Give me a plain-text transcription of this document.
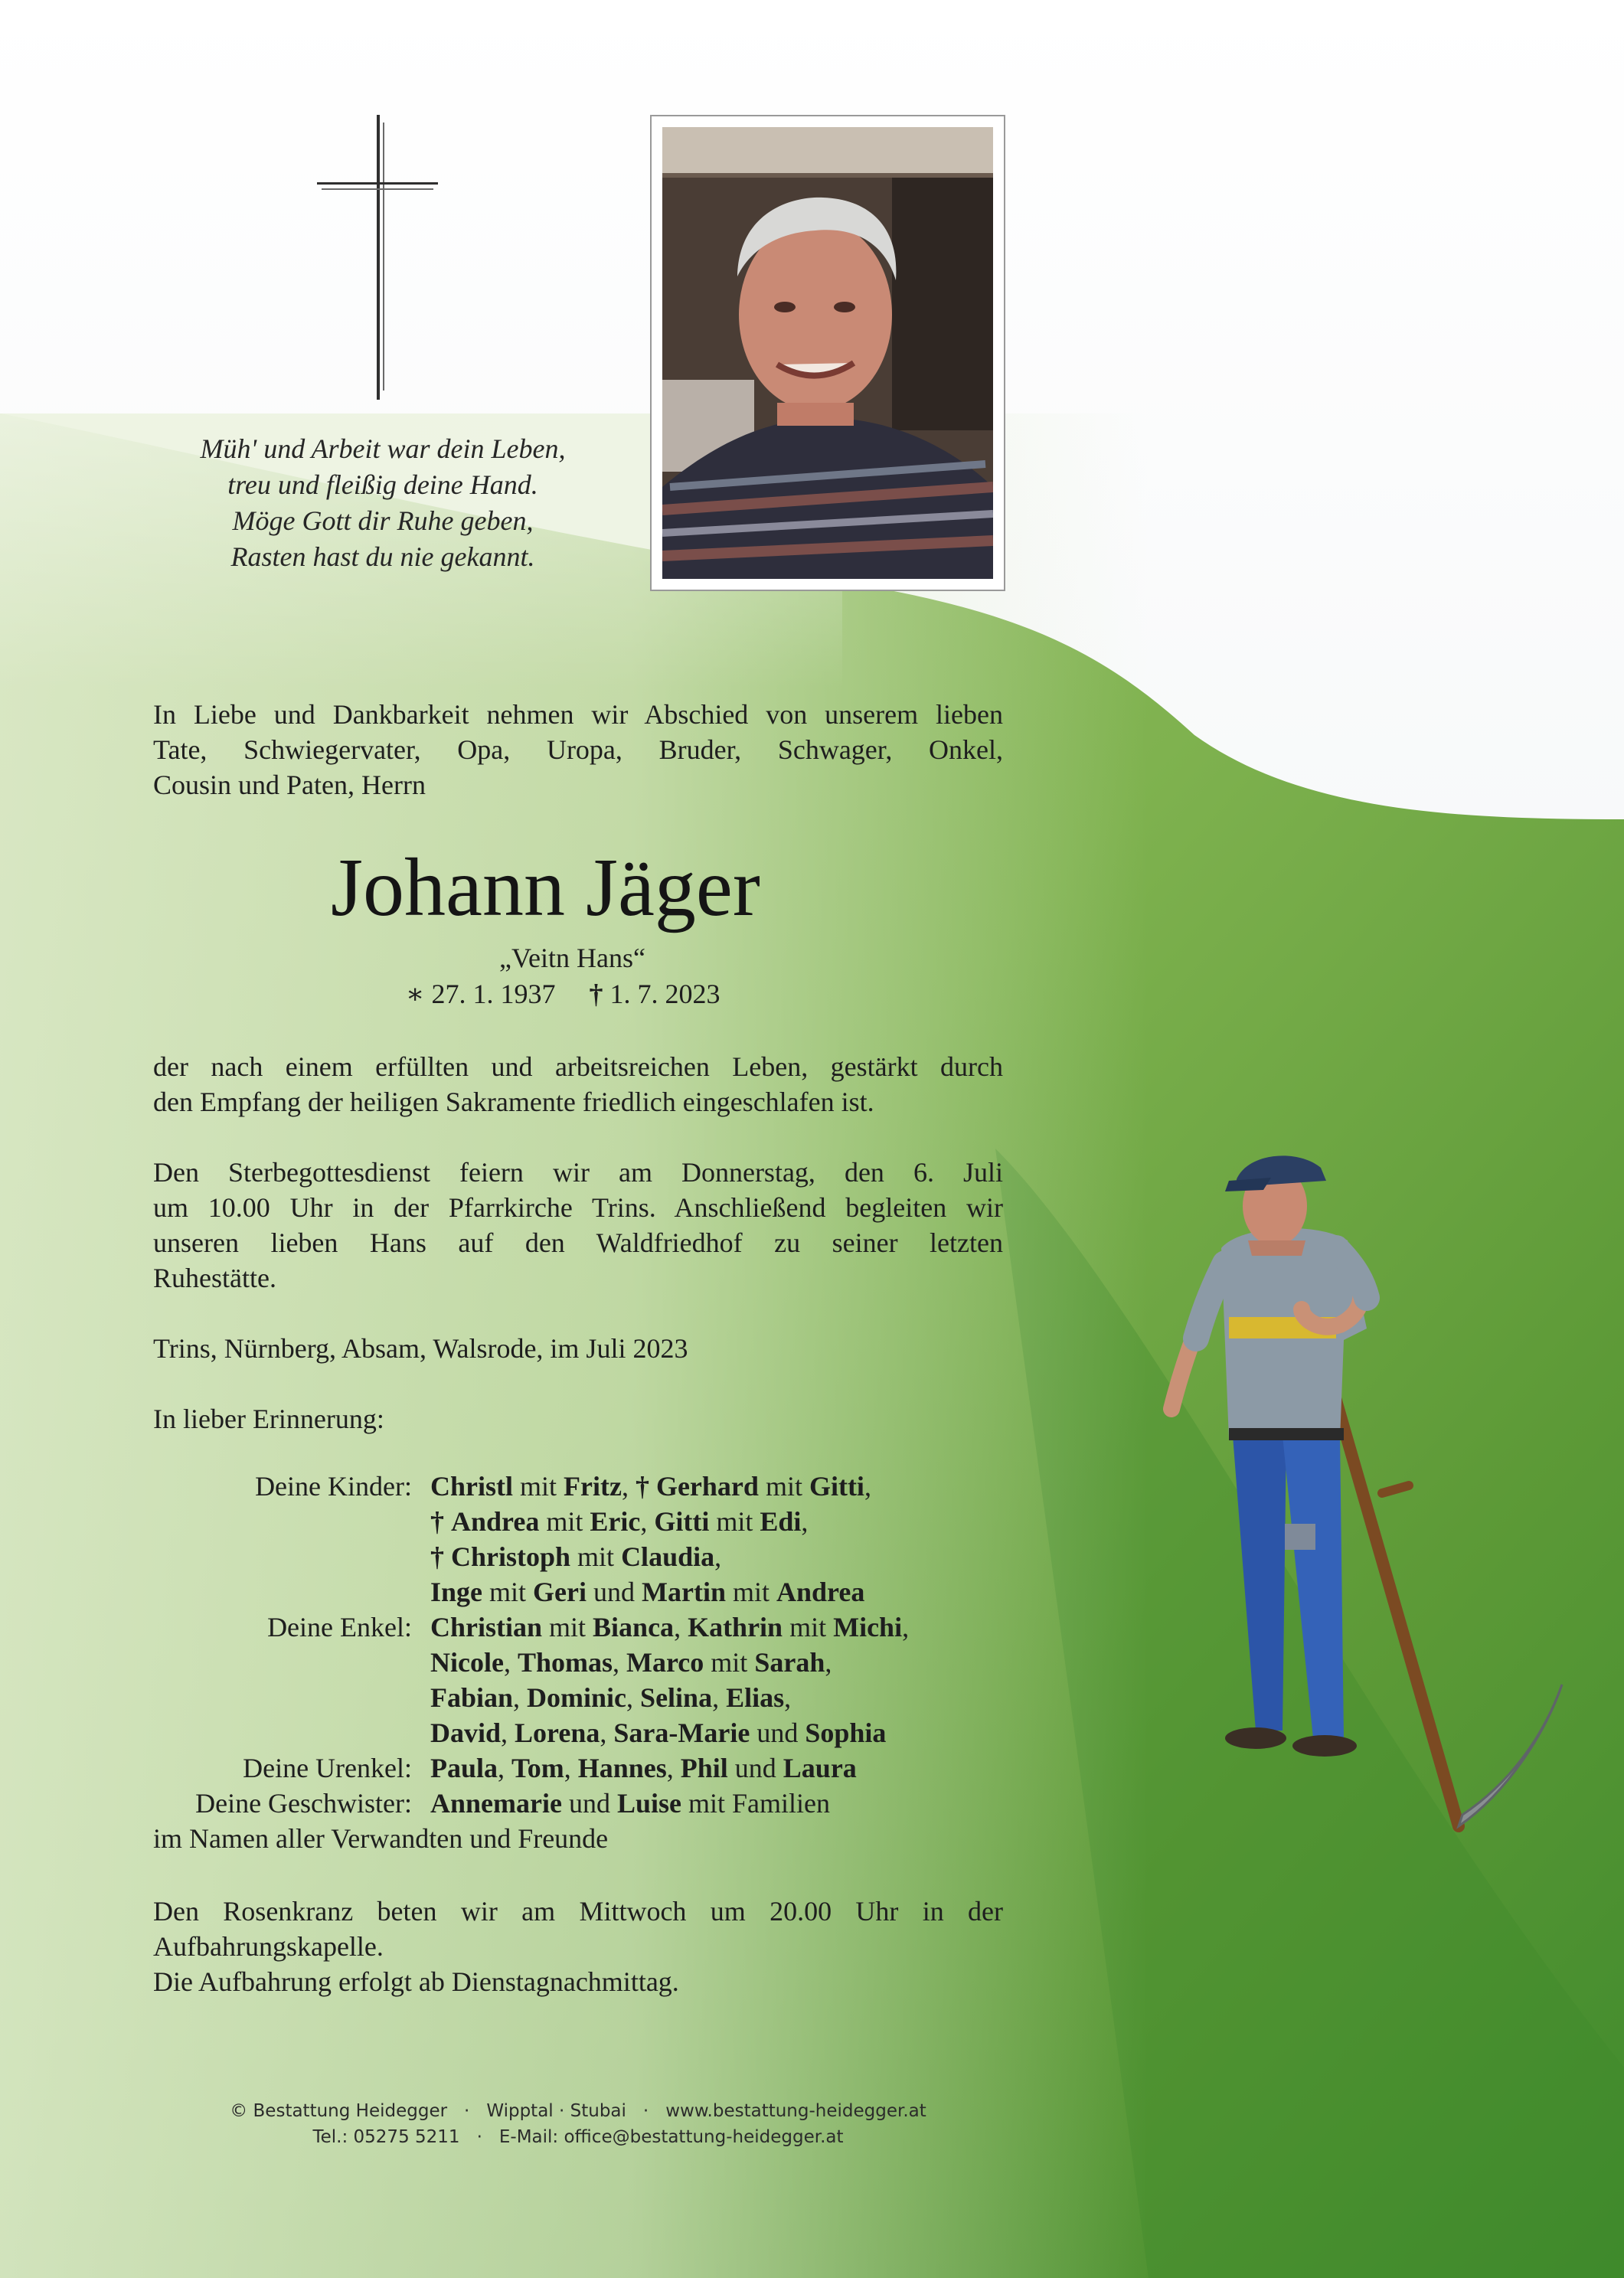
Müh' und Arbeit war dein Leben,
treu und fleißig deine Hand.
Möge Gott dir Ruhe geben,
Rasten hast du nie gekannt.
In Liebe und Dankbarkeit nehmen wir Abschied von unserem lieben
Tate, Schwiegervater, Opa, Uropa, Bruder, Schwager, Onkel,
Cousin und Paten, Herrn
Johann Jäger
„Veitn Hans“
∗ 27. 1. 1937 † 1. 7. 2023
der nach einem erfüllten und arbeitsreichen Leben, gestärkt durch
den Empfang der heiligen Sakramente friedlich eingeschlafen ist.
Den Sterbegottesdienst feiern wir am Donnerstag, den 6. Juli
um 10.00 Uhr in der Pfarrkirche Trins. Anschließend begleiten wir
unseren lieben Hans auf den Waldfriedhof zu seiner letzten
Ruhestätte.
Trins, Nürnberg, Absam, Walsrode, im Juli 2023
In lieber Erinnerung:
Deine Kinder: Christl mit Fritz, † Gerhard mit Gitti,
† Andrea mit Eric, Gitti mit Edi,
† Christoph mit Claudia,
Inge mit Geri und Martin mit Andrea
Deine Enkel: Christian mit Bianca, Kathrin mit Michi,
Nicole, Thomas, Marco mit Sarah,
Fabian, Dominic, Selina, Elias,
David, Lorena, Sara-Marie und Sophia
Deine Urenkel: Paula, Tom, Hannes, Phil und Laura
Deine Geschwister: Annemarie und Luise mit Familien
im Namen aller Verwandten und Freunde
Den Rosenkranz beten wir am Mittwoch um 20.00 Uhr in der
Aufbahrungskapelle.
Die Aufbahrung erfolgt ab Dienstagnachmittag.
© Bestattung Heidegger · Wipptal · Stubai · www.bestattung-heidegger.at
Tel.: 05275 5211 · E-Mail: office@bestattung-heidegger.at
